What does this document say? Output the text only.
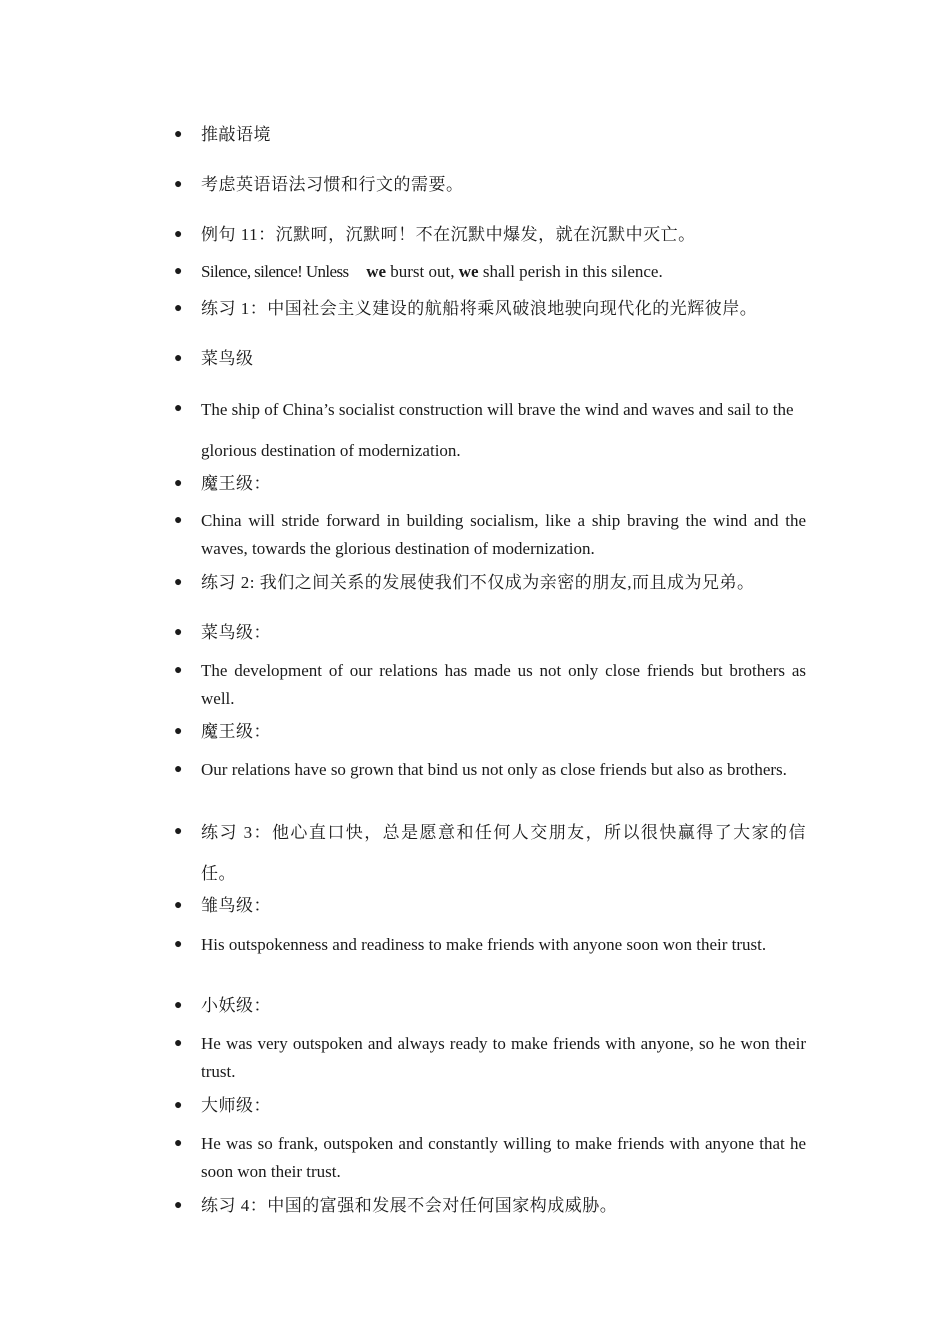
● 推敲语境
● 考虑英语语法习惯和行文的需要。
● 例句 11：沉默呵，沉默呵！不在沉默中爆发，就在沉默中灭亡。
● Silence, silence! Unless we burst out, we shall perish in this silence.
● 练习 1：中国社会主义建设的航船将乘风破浪地驶向现代化的光辉彼岸。
● 菜鸟级
● The ship of China’s socialist construction will brave the wind and waves and sail to the glorious destination of modernization.
● 魔王级：
● China will stride forward in building socialism, like a ship braving the wind and the waves, towards the glorious destination of modernization.
● 练习 2: 我们之间关系的发展使我们不仅成为亲密的朋友,而且成为兄弟。
● 菜鸟级：
● The development of our relations has made us not only close friends but brothers as well.
● 魔王级：
● Our relations have so grown that bind us not only as close friends but also as brothers.
● 练习 3：他心直口快，总是愿意和任何人交朋友，所以很快赢得了大家的信任。
● 雏鸟级：
● His outspokenness and readiness to make friends with anyone soon won their trust.
● 小妖级：
● He was very outspoken and always ready to make friends with anyone, so he won their trust.
● 大师级：
● He was so frank, outspoken and constantly willing to make friends with anyone that he soon won their trust.
● 练习 4：中国的富强和发展不会对任何国家构成威胁。
